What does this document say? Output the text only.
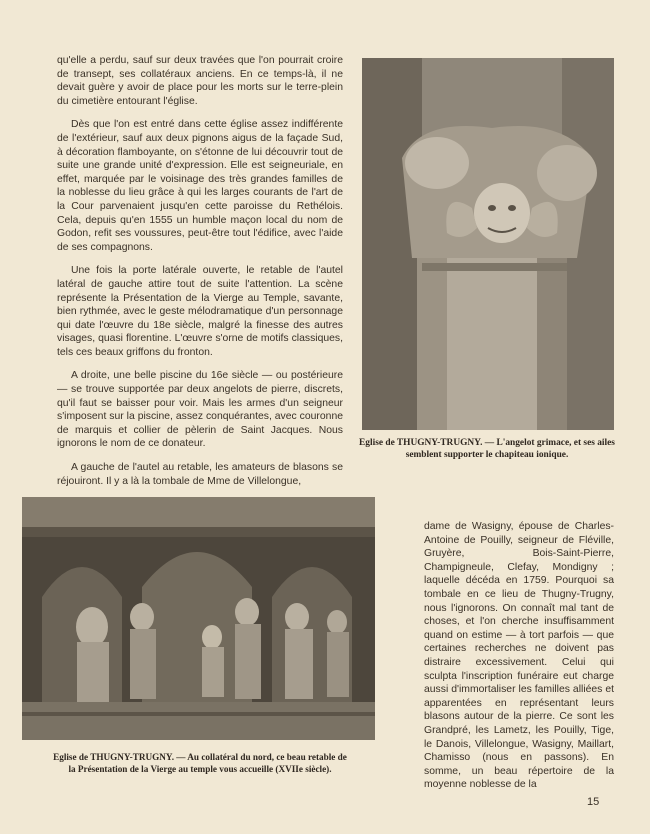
qu'elle a perdu, sauf sur deux travées que l'on pourrait croire de transept, ses collatéraux anciens. En ce temps-là, il ne devait guère y avoir de place pour les morts sur le terre-plein du cimetière entourant l'église.

Dès que l'on est entré dans cette église assez indifférente de l'extérieur, sauf aux deux pignons aigus de la façade Sud, à décoration flamboyante, on s'étonne de lui découvrir tout de suite une grande unité d'expression. Elle est seigneuriale, en effet, marquée par le voisinage des très grandes familles de la noblesse du lieu grâce à qui les larges courants de l'art de la Cour parvenaient jusqu'en cette paroisse du Rethélois. Cela, depuis qu'en 1555 un humble maçon local du nom de Godon, refit ses voussures, peut-être tout l'édifice, avec l'aide de ses compagnons.

Une fois la porte latérale ouverte, le retable de l'autel latéral de gauche attire tout de suite l'attention. La scène représente la Présentation de la Vierge au Temple, savante, bien rythmée, avec le geste mélodramatique d'un personnage qui date l'œuvre du 18e siècle, malgré la finesse des autres visages, quasi florentine. L'œuvre s'orne de motifs classiques, tels ces beaux griffons du fronton.

A droite, une belle piscine du 16e siècle — ou postérieure — se trouve supportée par deux angelots de pierre, discrets, qu'il faut se baisser pour voir. Mais les armes d'un seigneur s'imposent sur la piscine, assez conquérantes, avec couronne de marquis et collier de pèlerin de Saint Jacques. Nous ignorons le nom de ce donateur.

A gauche de l'autel au retable, les amateurs de blasons se réjouiront. Il y a là la tombale de Mme de Villelongue,

Eglise de THUGNY-TRUGNY. — L'angelot grimace, et ses ailes semblent supporter le chapiteau ionique.
Eglise de THUGNY-TRUGNY. — Au collatéral du nord, ce beau retable de la Présentation de la Vierge au temple vous accueille (XVIIe siècle).

dame de Wasigny, épouse de Charles-Antoine de Pouilly, seigneur de Fléville, Gruyère, Bois-Saint-Pierre, Champigneule, Clefay, Mondigny ; laquelle décéda en 1759. Pourquoi sa tombale en ce lieu de Thugny-Trugny, nous l'ignorons. On connaît mal tant de choses, et l'on cherche insuffisamment quand on estime — à tort parfois — que certaines recherches ne doivent pas distraire excessivement. Celui qui sculpta l'inscription funéraire eut charge aussi d'immortaliser les familles alliées et apparentées en représentant leurs blasons autour de la pierre. Ce sont les Grandpré, les Lametz, les Pouilly, Tige, le Danois, Villelongue, Wasigny, Maillart, Chamisso (nous en passons). En somme, un beau répertoire de la moyenne noblesse de la

15
